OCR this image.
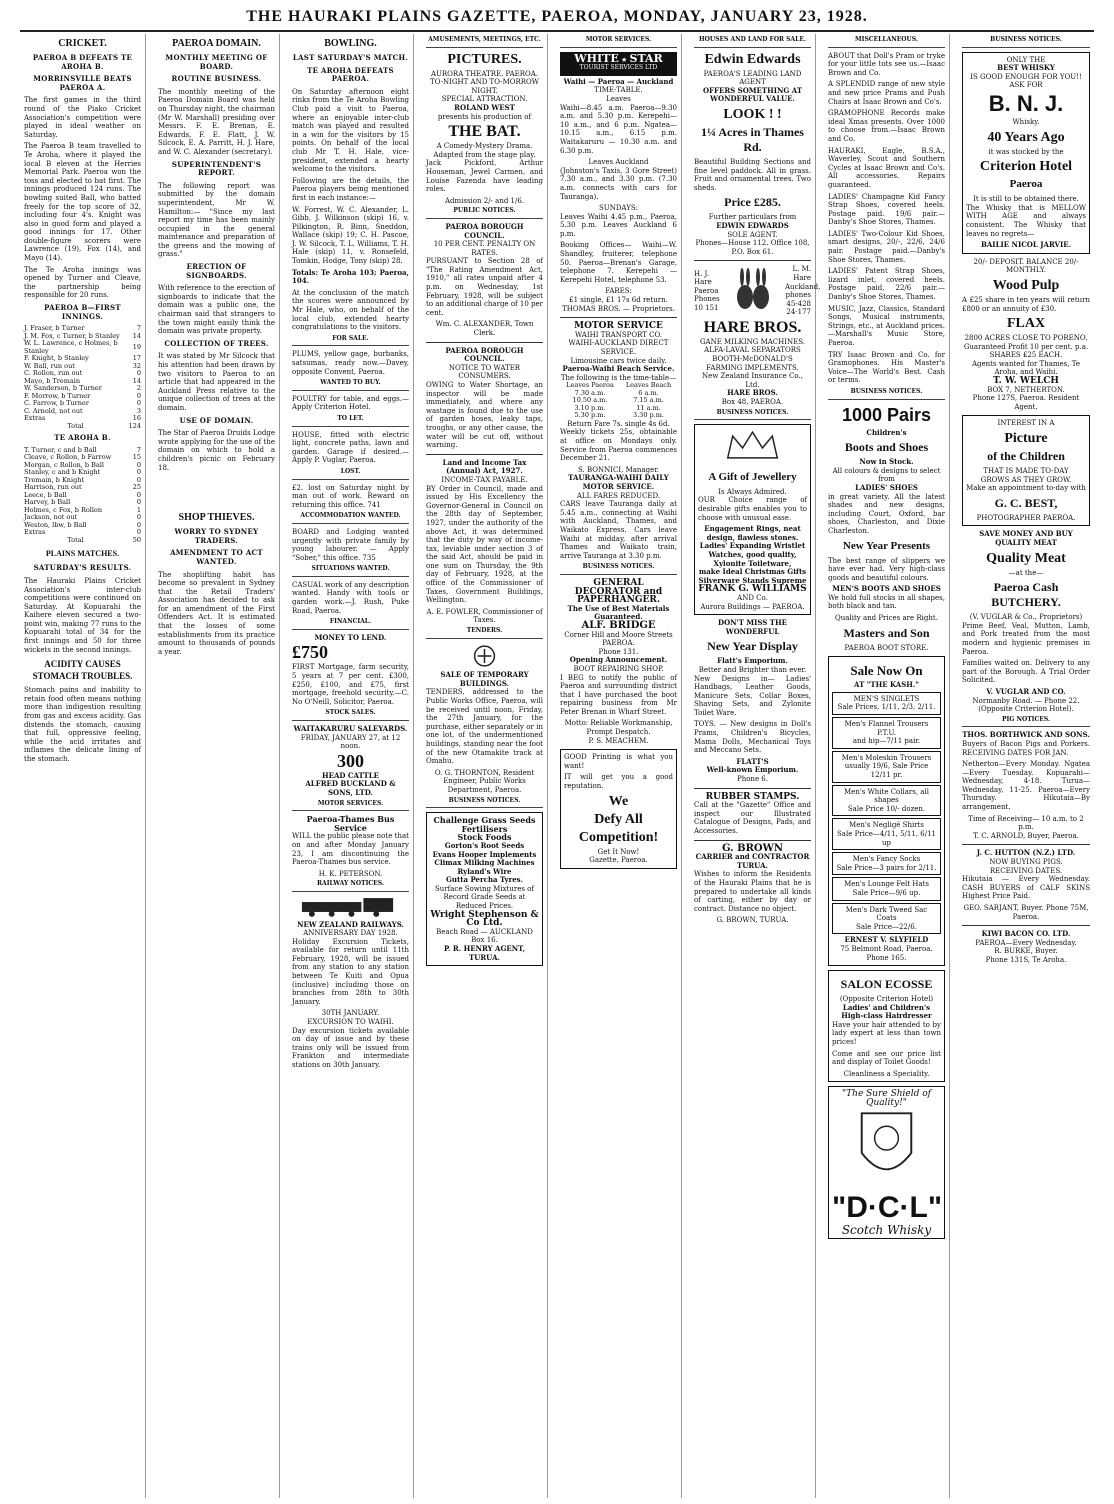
THE HAURAKI PLAINS GAZETTE, PAEROA, MONDAY, JANUARY 23, 1928.
CRICKET.
PAEROA B DEFEATS TE AROHA B.
MORRINSVILLE BEATS PAEROA A.

The first games in the third round of the Piako Cricket Association's competition were played in ideal weather on Saturday.

The Paeroa B team travelled to Te Aroha, where it played the local B eleven at the Herries Memorial Park. Paeroa won the toss and elected to bat first. The innings produced 124 runs. The bowling suited Ball, who batted freely for the top score of 32, including four 4's. Knight was also in good form and played a good innings for 17. Other double-figure scorers were Lawrence (19), Fox (14), and Mayo (14).

The Te Aroha innings was opened by Turner and Cleave, the partnership being responsible for 20 runs.

PAEROA B—FIRST INNINGS.
J. Fraser, b Turner	7
J. M. Fox, c Turner, b Stanley	14
W. L. Lawrence, c Holmes, b Stanley	19
F. Knight, b Stanley	17
W. Ball, run out	32
C. Rollon, run out	0
Mayo, b Tremain	14
W. Sanderson, b Turner	2
F. Morrow, b Turner	0
C. Farrow, b Turner	0
C. Arnold, not out	3
Extras	16
Total	124
TE AROHA B.
T. Turner, c and b Ball	7
Cleave, c Rollon, b Farrow	15
Morgan, c Rollon, b Ball	0
Stanley, c and b Knight	0
Tremain, b Knight	0
Harrison, run out	25
Leece, b Ball	0
Harvey, b Ball	0
Holmes, c Fox, b Rollon	1
Jackson, not out	0
Weston, lbw, b Ball	0
Extras	0
Total	50
PLAINS MATCHES.
SATURDAY'S RESULTS.

The Hauraki Plains Cricket Association's inter-club competitions were continued on Saturday. At Kopuarahi the Kaihere eleven secured a two-point win, making 77 runs to the Kopuarahi total of 34 for the first innings and 50 for three wickets in the second innings.

ACIDITY CAUSES STOMACH TROUBLES.

Stomach pains and inability to retain food often means nothing more than indigestion resulting from gas and excess acidity. Gas distends the stomach, causing that full, oppressive feeling, while the acid irritates and inflames the delicate lining of the stomach.

PAEROA DOMAIN.
MONTHLY MEETING OF BOARD.
ROUTINE BUSINESS.

The monthly meeting of the Paeroa Domain Board was held on Thursday night, the chairman (Mr W. Marshall) presiding over Messrs. F. E. Brenan, E. Edwards, F. E. Flatt, J. W. Silcock, E. A. Parritt, H. J. Hare, and W. C. Alexander (secretary).

SUPERINTENDENT'S REPORT.

The following report was submitted by the domain superintendent, Mr W. Hamilton:— "Since my last report my time has been mainly occupied in the general maintenance and preparation of the greens and the mowing of grass."

ERECTION OF SIGNBOARDS.

With reference to the erection of signboards to indicate that the domain was a public one, the chairman said that strangers to the town might easily think the domain was private property.

COLLECTION OF TREES.

It was stated by Mr Silcock that his attention had been drawn by two visitors to Paeroa to an article that had appeared in the Auckland Press relative to the unique collection of trees at the domain.

USE OF DOMAIN.

The Star of Paeroa Druids Lodge wrote applying for the use of the domain on which to hold a children's picnic on February 18.

SHOP THIEVES.
WORRY TO SYDNEY TRADERS.
AMENDMENT TO ACT WANTED.

The shoplifting habit has become so prevalent in Sydney that the Retail Traders' Association has decided to ask for an amendment of the First Offenders Act. It is estimated that the losses of some establishments from its practice amount to thousands of pounds a year.

BOWLING.
LAST SATURDAY'S MATCH.
TE AROHA DEFEATS PAEROA.

On Saturday afternoon eight rinks from the Te Aroha Bowling Club paid a visit to Paeroa, where an enjoyable inter-club match was played and resulted in a win for the visitors by 15 points. On behalf of the local club Mr T. H. Hale, vice-president, extended a hearty welcome to the visitors.

Following are the details, the Paeroa players being mentioned first in each instance:—

W. Forrest, W. C. Alexander, L. Gibb, J. Wilkinson (skip) 16, v. Pilkington, R. Binn, Sneddon, Wallace (skip) 19; C. H. Pascoe, J. W. Silcock, T. L. Williams, T. H. Hale (skip) 11, v. Ronsefeld, Tomkin, Hodge, Tony (skip) 28.

Totals: Te Aroha 103; Paeroa, 104.

At the conclusion of the match the scores were announced by Mr Hale, who, on behalf of the local club, extended hearty congratulations to the visitors.

FOR SALE.

PLUMS, yellow gage, burbanks, satsumas, ready now.—Davey, opposite Convent, Paeroa.

WANTED TO BUY.

POULTRY for table, and eggs.—Apply Criterion Hotel.

TO LET.

HOUSE, fitted with electric light, concrete paths, lawn and garden. Garage if desired.—Apply P. Vuglar, Paeroa.

LOST.

£2. lost on Saturday night by man out of work. Reward on returning this office. 741

ACCOMMODATION WANTED.

BOARD and Lodging wanted urgently with private family by young labourer. — Apply "Sober," this office. 735

SITUATIONS WANTED.

CASUAL work of any description wanted. Handy with tools or garden work.—J. Rush, Puke Road, Paeroa.

FINANCIAL.
MONEY TO LEND.
£750

FIRST Mortgage, farm security, 5 years at 7 per cent. £300, £250, £100, and £75, first mortgage, freehold security.—C. No O'Neill, Solicitor, Paeroa.

STOCK SALES.
WAITAKARURU SALEYARDS.
FRIDAY, JANUARY 27, at 12 noon.
300
HEAD CATTLE
ALFRED BUCKLAND & SONS, LTD.
MOTOR SERVICES.
Paeroa-Thames Bus Service

WILL the public please note that on and after Monday January 23, I am discontinuing the Paeroa-Thames bus service.

H. K. PETERSON.
RAILWAY NOTICES.
NEW ZEALAND RAILWAYS.
ANNIVERSARY DAY 1928.

Holiday Excursion Tickets, available for return until 11th February, 1928, will be issued from any station to any station between Te Kuiti and Opua (inclusive) including those on branches from 28th to 30th January.

30TH JANUARY.
EXCURSION TO WAIHI.

Day excursion tickets available on day of issue and by these trains only will be issued from Frankton and intermediate stations on 30th January.

AMUSEMENTS, MEETINGS, ETC.
PICTURES.
AURORA THEATRE, PAEROA.
TO-NIGHT AND TO-MORROW NIGHT.
SPECIAL ATTRACTION.
ROLAND WEST
presents his production of
THE BAT.
A Comedy-Mystery Drama. Adapted from the stage play.

Jack Pickford, Arthur Houseman, Jewel Carmen, and Louise Fazenda have leading roles.

Admission 2/- and 1/6.
PUBLIC NOTICES.
PAEROA BOROUGH COUNCIL.
10 PER CENT. PENALTY ON RATES.

PURSUANT to Section 28 of "The Rating Amendment Act, 1910," all rates unpaid after 4 p.m. on Wednesday, 1st February, 1928, will be subject to an additional charge of 10 per cent.

Wm. C. ALEXANDER, Town Clerk.
PAEROA BOROUGH COUNCIL.
NOTICE TO WATER CONSUMERS.

OWING to Water Shortage, an inspector will be made immediately, and where any wastage is found due to the use of garden hoses, leaky taps, troughs, or any other cause, the water will be cut off, without warning.

Land and Income Tax (Annual) Act, 1927.
INCOME-TAX PAYABLE.

BY Order in Council, made and issued by His Excellency the Governor-General in Council on the 28th day of September, 1927, under the authority of the above Act, it was determined that the duty by way of income-tax, leviable under section 3 of the said Act, should be paid in one sum on Thursday, the 9th day of February, 1928, at the office of the Commissioner of Taxes, Government Buildings, Wellington.

A. E. FOWLER, Commissioner of Taxes.
TENDERS.
SALE OF TEMPORARY BUILDINGS.

TENDERS, addressed to the Public Works Office, Paeroa, will be received until noon, Friday, the 27th January, for the purchase, either separately or in one lot, of the undermentioned buildings, standing near the foot of the new Otamakite track at Omahu.

O. G. THORNTON, Resident Engineer, Public Works Department, Paeroa.
BUSINESS NOTICES.
Challenge Grass Seeds
Fertilisers
Stock Foods
Gorton's Root Seeds
Evans Hooper Implements
Climax Milking Machines
Ryland's Wire
Gutta Percha Tyres.
Surface Sowing Mixtures of Record Grade Seeds at Reduced Prices.
Wright Stephenson & Co Ltd.
Beach Road — AUCKLAND Box 16.
P. R. HENRY AGENT, TURUA.
MOTOR SERVICES.
WHITE ★ STAR
TOURIST SERVICES LTD
Waihi — Paeroa — Auckland
TIME-TABLE.
Leaves

Waihi—8.45 a.m. Paeroa—9.30 a.m. and 5.30 p.m. Kerepehi— 10 a.m., and 6 p.m. Ngatea— 10.15 a.m., 6.15 p.m. Waitakaruru — 10.30 a.m. and 6.30 p.m.

Leaves Auckland

(Johnston's Taxis, 3 Gore Street) 7.30 a.m., and 3.30 p.m. (7.30 a.m. connects with cars for Tauranga).

SUNDAYS:

Leaves Waihi 4.45 p.m., Paeroa, 5.30 p.m. Leaves Auckland 6 p.m.

Booking Offices— Waihi—W. Shandley, fruiterer, telephone 50. Paeroa—Brenan's Garage, telephone 7. Kerepehi — Kerepehi Hotel, telephone 53.

FARES:
£1 single, £1 17s 6d return.
THOMAS BROS. — Proprietors.
MOTOR SERVICE
WAIHI TRANSPORT CO.
WAIHI-AUCKLAND DIRECT SERVICE.
Limousine cars twice daily.
Paeroa-Waihi Beach Service.
The following is the time-table—
Leaves Paeroa	Leaves Beach
7.30 a.m.	6 a.m.
10.50 a.m.	7.15 a.m.
3.10 p.m.	11 a.m.
5.30 p.m.	3.30 p.m.
Return Fare 7s. single 4s 6d.

Weekly tickets 25s, obtainable at office on Mondays only. Service from Paeroa commences December 21.

S. BONNICI, Manager.
TAURANGA-WAIHI DAILY MOTOR SERVICE.
ALL FARES REDUCED.

CARS leave Tauranga daily at 5.45 a.m., connecting at Waihi with Auckland, Thames, and Waikato Express. Cars leave Waihi at midday, after arrival Thames and Waikato train, arrive Tauranga at 3.30 p.m.

BUSINESS NOTICES.
GENERAL
DECORATOR and
PAPERHANGER.
The Use of Best Materials Guaranteed.
ALF. BRIDGE
Corner Hill and Moore Streets PAEROA.
Phone 131.
Opening Announcement.
BOOT REPAIRING SHOP.

I BEG to notify the public of Paeroa and surrounding district that I have purchased the boot repairing business from Mr Peter Brenan in Wharf Street.

Motto: Reliable Workmanship, Prompt Despatch.
P. S. MEACHEM.

GOOD Printing is what you want!

IT will get you a good reputation.

We
Defy All
Competition!
Get It Now!
Gazette, Paeroa.
HOUSES AND LAND FOR SALE.
Edwin Edwards
PAEROA'S LEADING LAND AGENT
OFFERS SOMETHING AT WONDERFUL VALUE.
LOOK ! !
1¼ Acres in Thames Rd.

Beautiful Building Sections and fine level paddock. All in grass. Fruit and ornamental trees. Two sheds.

Price £285.
Further particulars from
EDWIN EDWARDS
SOLE AGENT.
Phones—House 112. Office 108, P.O. Box 61.
H. J. Hare Paeroa Phones 10 151
L. M. Hare Auckland, phones 45-428 24-177
HARE BROS.
GANE MILKING MACHINES.
ALFA-LAVAL SEPARATORS
BOOTH-McDONALD'S FARMING IMPLEMENTS.
New Zealand Insurance Co., Ltd.
HARE BROS.
Box 48, PAEROA.
BUSINESS NOTICES.
A Gift of Jewellery
Is Always Admired.

OUR Choice range of desirable gifts enables you to choose with unusual ease.

Engagement Rings, neat design, flawless stones.
Ladies' Expanding Wristlet Watches, good quality,
Xylonite Toiletware,
make Ideal Christmas Gifts
Silverware Stands Supreme
FRANK G. WILLIAMS
AND Co.
Aurora Buildings — PAEROA.
DON'T MISS THE
WONDERFUL
New Year Display
Flatt's Emporium.
Better and Brighter than ever.

New Designs in— Ladies' Handbags, Leather Goods, Manicure Sets, Collar Boxes, Shaving Sets, and Zylonite Toilet Ware.

TOYS. — New designs in Doll's Prams, Children's Bicycles, Mama Dolls, Mechanical Toys and Meccano Sets.

FLATT'S
Well-known Emporium.
Phone 6.
RUBBER STAMPS.

Call at the "Gazette" Office and inspect our Illustrated Catalogue of Designs, Pads, and Accessories.

G. BROWN
CARRIER and CONTRACTOR TURUA.

Wishes to inform the Residents of the Hauraki Plains that he is prepared to undertake all kinds of carting, either by day or contract. Distance no object.

G. BROWN, TURUA.
MISCELLANEOUS.

ABOUT that Doll's Pram or tryke for your little tots see us.—Isaac Brown and Co.

A SPLENDID range of new style and new price Prams and Push Chairs at Isaac Brown and Co's.

GRAMOPHONE Records make ideal Xmas presents. Over 1000 to choose from.—Isaac Brown and Co.

HAURAKI, Eagle, B.S.A., Waverley, Scout and Southern Cycles at Isaac Brown and Co's. All accessories. Repairs guaranteed.

LADIES' Champagne Kid Fancy Strap Shoes, covered heels. Postage paid. 19/6 pair.—Danby's Shoe Stores, Thames.

LADIES' Two-Colour Kid Shoes, smart designs, 20/-, 22/6, 24/6 pair. Postage paid.—Danby's Shoe Stores, Thames.

LADIES' Patent Strap Shoes, lizard inlet, covered heels. Postage paid, 22/6 pair.—Danby's Shoe Stores, Thames.

MUSIC, Jazz, Classics, Standard Songs, Musical instruments, Strings, etc., at Auckland prices.—Marshall's Music Store, Paeroa.

TRY Isaac Brown and Co. for Gramophones. His Master's Voice—The World's Best. Cash or terms.

BUSINESS NOTICES.
1000 Pairs
Children's
Boots and Shoes
Now in Stock.
All colours & designs to select from
LADIES' SHOES

in great variety. All the latest shades and new designs, including Court, Oxford, bar shoes, Charleston, and Dixie Charleston.

New Year Presents

The best range of slippers we have ever had. Very high-class goods and beautiful colours.

MEN'S BOOTS AND SHOES

We hold full stocks in all shapes, both black and tan.

Quality and Prices are Right.
Masters and Son
PAEROA BOOT STORE.
Sale Now On
AT "THE KASH."
MEN'S SINGLETS
Sale Prices, 1/11, 2/3, 2/11.
Men's Flannel Trousers P.T.U.
and hip—7/11 pair.
Men's Moleskin Trousers
usually 19/6, Sale Price 12/11 pr.
Men's White Collars, all shapes
Sale Price 10/- dozen.
Men's Negligé Shirts
Sale Price—4/11, 5/11, 6/11 up
Men's Fancy Socks
Sale Price—3 pairs for 2/11.
Men's Lounge Felt Hats
Sale Price—9/6 up.
Men's Dark Tweed Sac Coats
Sale Price—22/6.
ERNEST V. SLYFIELD
75 Belmont Road, Paeroa. Phone 165.
SALON ECOSSE
(Opposite Criterion Hotel)
Ladies' and Children's High-class Hairdresser

Have your hair attended to by lady expert at less than town prices!

Come and see our price list and display of Toilet Goods!

Cleanliness a Speciality.
"The Sure Shield of Quality!"
"D·C·L"
Scotch Whisky
BUSINESS NOTICES.
ONLY THE
BEST WHISKY
IS GOOD ENOUGH FOR YOU!!
ASK FOR
B. N. J.
Whisky.
40 Years Ago
it was stocked by the
Criterion Hotel
Paeroa
It is still to be obtained there.

The Whisky that is MELLOW WITH AGE and always consistent. The Whisky that leaves no regrets—

BAILIE NICOL JARVIE.
20/- DEPOSIT. BALANCE 20/- MONTHLY.
Wood Pulp

A £25 share in ten years will return £800 or an annuity of £30.

FLAX
2800 ACRES CLOSE TO PORENO.
Guaranteed Profit 10 per cent. p.a.
SHARES £25 EACH.
Agents wanted for Thames, Te Aroha, and Waihi.
T. W. WELCH
BOX 7, NETHERTON.
Phone 127S, Paeroa. Resident Agent.
INTEREST IN A
Picture
of the Children
THAT IS MADE TO-DAY
GROWS AS THEY GROW.
Make an appointment to-day with
G. C. BEST,
PHOTOGRAPHER PAEROA.
SAVE MONEY AND BUY QUALITY MEAT
Quality Meat
—at the—
Paeroa Cash BUTCHERY.
(V. VUGLAR & Co., Proprietors)

Prime Beef, Veal, Mutton, Lamb, and Pork treated from the most modern and hygienic premises in Paeroa.

Families waited on. Delivery to any part of the Borough. A Trial Order Solicited.

V. VUGLAR AND CO.
Normanby Road. — Phone 22. (Opposite Criterion Hotel).
PIG NOTICES.
THOS. BORTHWICK AND SONS.

Buyers of Bacon Pigs and Porkers. RECEIVING DATES FOR JAN.

Netherton—Every Monday. Ngatea—Every Tuesday. Kopuarahi—Wednesday, 4-18. Turua—Wednesday, 11-25. Paeroa—Every Thursday. Hikutaia—By arrangement.

Time of Receiving— 10 a.m. to 2 p.m.
T. C. ARNOLD, Buyer, Paeroa.
J. C. HUTTON (N.Z.) LTD.
NOW BUYING PIGS.
RECEIVING DATES.

Hikutaia — Every Wednesday. CASH BUYERS of CALF SKINS Highest Price Paid.

GEO. SARJANT, Buyer. Phone 75M, Paeroa.
KIWI BACON CO. LTD.
PAEROA—Every Wednesday.
R. BURKE, Buyer.
Phone 131S, Te Aroha.
